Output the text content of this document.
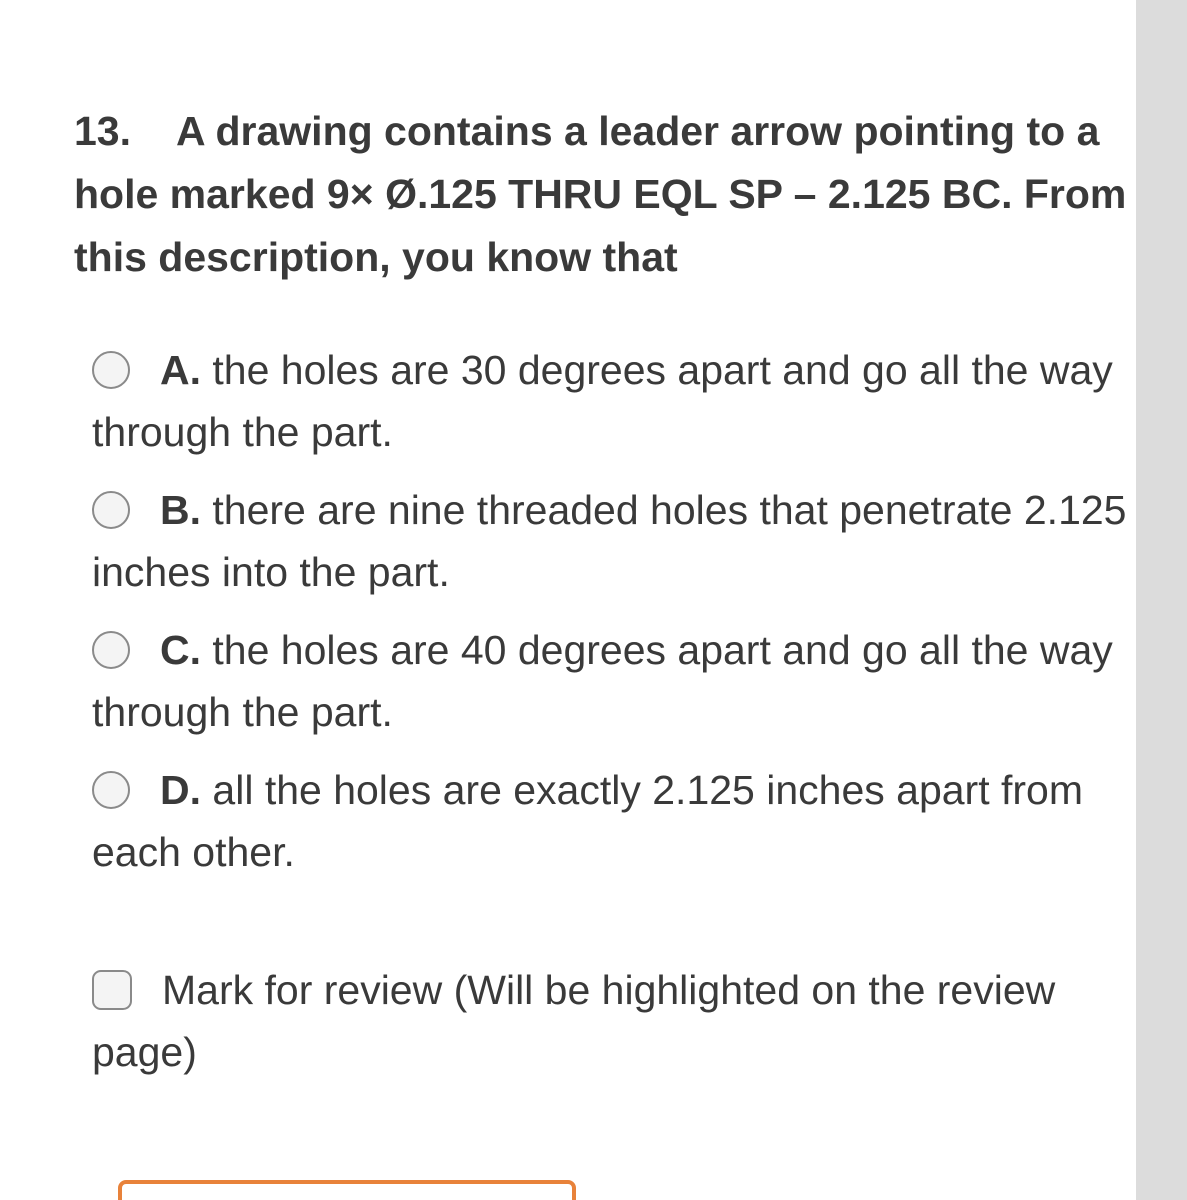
13. A drawing contains a leader arrow pointing to a hole marked 9× Ø.125 THRU EQL SP – 2.125 BC. From this description, you know that

A. the holes are 30 degrees apart and go all the way through the part.
B. there are nine threaded holes that penetrate 2.125 inches into the part.
C. the holes are 40 degrees apart and go all the way through the part.
D. all the holes are exactly 2.125 inches apart from each other.
Mark for review (Will be highlighted on the review page)
